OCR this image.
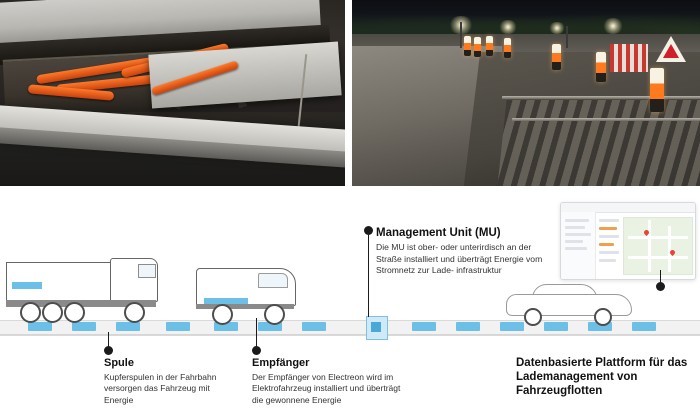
Management Unit (MU)
Die MU ist ober- oder unterirdisch an der Straße installiert und überträgt Energie vom Stromnetz zur Lade- infrastruktur
Spule
Kupferspulen in der Fahrbahn versorgen das Fahrzeug mit Energie
Empfänger
Der Empfänger von Electreon wird im Elektrofahrzeug installiert und überträgt die gewonnene Energie
Datenbasierte Plattform für das Lademanagement von Fahrzeugflotten
